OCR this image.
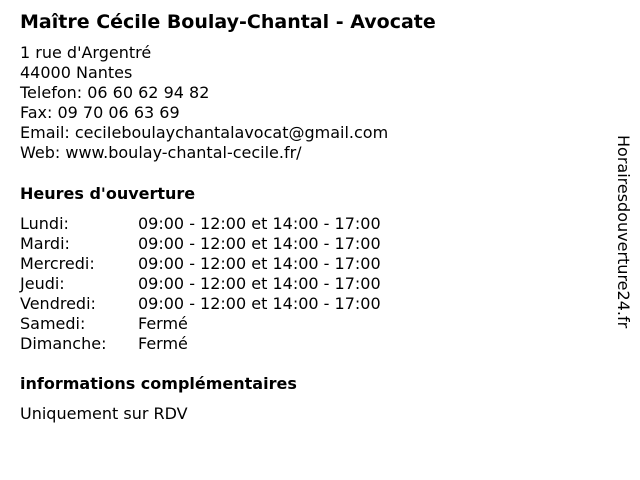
Maître Cécile Boulay-Chantal - Avocate
1 rue d'Argentré
44000 Nantes
Telefon: 06 60 62 94 82
Fax: 09 70 06 63 69
Email: ceciIeboulaychantalavocat@gmail.com
Web: www.boulay-chantal-cecile.fr/
Heures d'ouverture
Lundi:	09:00 - 12:00 et 14:00 - 17:00
Mardi:	09:00 - 12:00 et 14:00 - 17:00
Mercredi:	09:00 - 12:00 et 14:00 - 17:00
Jeudi:	09:00 - 12:00 et 14:00 - 17:00
Vendredi:	09:00 - 12:00 et 14:00 - 17:00
Samedi:	Fermé
Dimanche: Fermé
informations complémentaires
Uniquement sur RDV
Horairesdouverture24.fr
